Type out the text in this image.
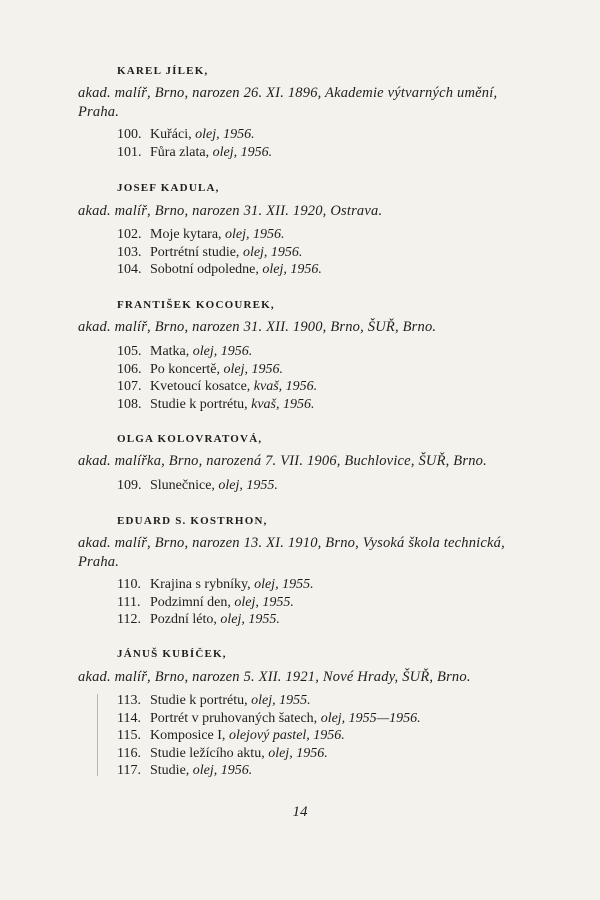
KAREL JÍLEK,
akad. malíř, Brno, narozen 26. XI. 1896, Akademie výtvarných umění,
Praha.
100. Kuřáci, olej, 1956.
101. Fůra zlata, olej, 1956.
JOSEF KADULA,
akad. malíř, Brno, narozen 31. XII. 1920, Ostrava.
102. Moje kytara, olej, 1956.
103. Portrétní studie, olej, 1956.
104. Sobotní odpoledne, olej, 1956.
FRANTIŠEK KOCOUREK,
akad. malíř, Brno, narozen 31. XII. 1900, Brno, ŠUŘ, Brno.
105. Matka, olej, 1956.
106. Po koncertě, olej, 1956.
107. Kvetoucí kosatce, kvaš, 1956.
108. Studie k portrétu, kvaš, 1956.
OLGA KOLOVRATOVÁ,
akad. malířka, Brno, narozená 7. VII. 1906, Buchlovice, ŠUŘ, Brno.
109. Slunečnice, olej, 1955.
EDUARD S. KOSTRHON,
akad. malíř, Brno, narozen 13. XI. 1910, Brno, Vysoká škola technická,
Praha.
110. Krajina s rybníky, olej, 1955.
111. Podzimní den, olej, 1955.
112. Pozdní léto, olej, 1955.
JÁNUŠ KUBÍČEK,
akad. malíř, Brno, narozen 5. XII. 1921, Nové Hrady, ŠUŘ, Brno.
113. Studie k portrétu, olej, 1955.
114. Portrét v pruhovaných šatech, olej, 1955—1956.
115. Komposice I, olejový pastel, 1956.
116. Studie ležícího aktu, olej, 1956.
117. Studie, olej, 1956.
14
